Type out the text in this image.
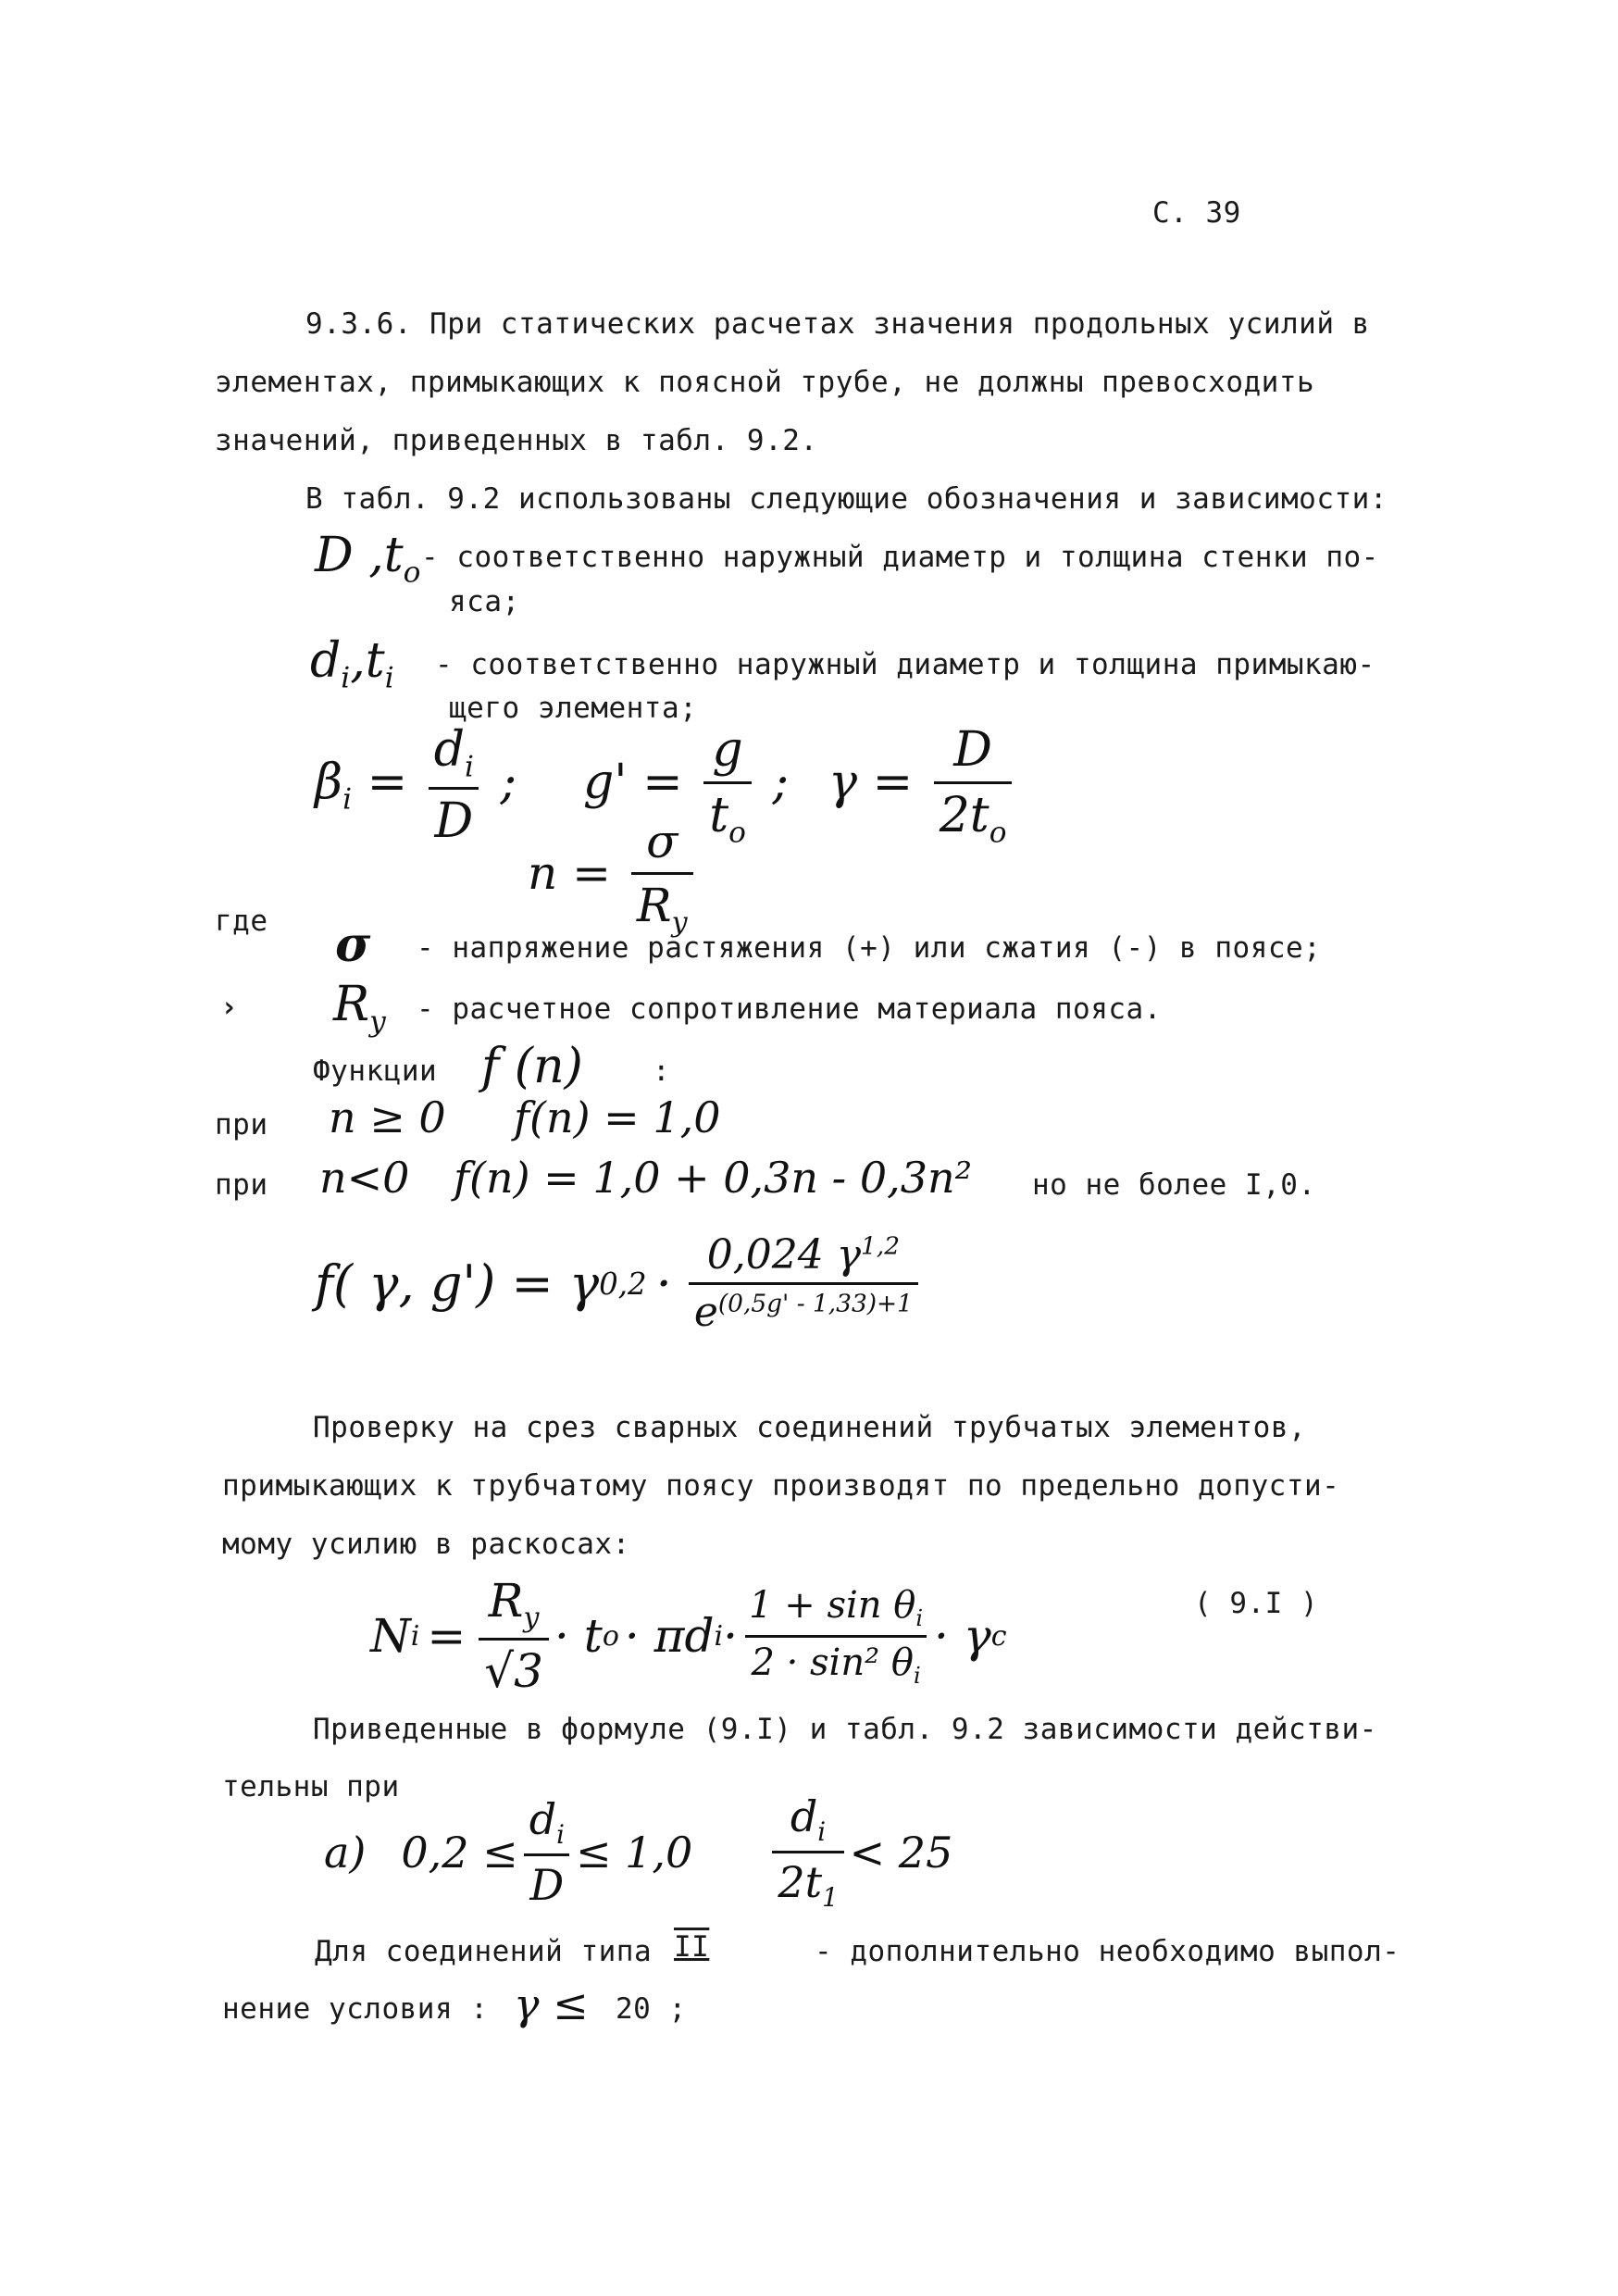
С. 39
9.3.6. При статических расчетах значения продольных усилий в
элементах, примыкающих к поясной трубе, не должны превосходить
значений, приведенных в табл. 9.2.
В табл. 9.2 использованы следующие обозначения и зависимости:
D $,t_o$ - соответственно наружный диаметр и толщина стенки по-
яса;
$d_i,t_i$ - соответственно наружный диаметр и толщина примыкаю-
щего элемента;
$\beta_i = \frac{d_i}{D}$ ; $g' = \frac{g}{t_o}$ ; $\gamma = \frac{D}{2t_o}$
$n = \frac{\sigma}{R_y}$
где σ - напряжение растяжения (+) или сжатия (-) в поясе;
› $R_y$ - расчетное сопротивление материала пояса.
Функции f (n) :
при n ≥ 0 f(n) = 1,0
при n<0 f(n) = 1,0 + 0,3n - 0,3n² но не более I,0.
f( γ, g') = γ $0,2 \cdot \frac{0,024 \gamma^{1,2}}{e^{(0,5g' - 1,33)+1}}$
Проверку на срез сварных соединений трубчатых элементов,
примыкающих к трубчатому поясу производят по предельно допусти-
мому усилию в раскосах:
N $i = \frac{R_y}{√3} \cdot t$ o · πd $i \cdot \frac{1 + \sin \theta_i}{2 \cdot \sin^2 \theta_i} \cdot \gamma$ c
( 9.I )
Приведенные в формуле (9.I) и табл. 9.2 зависимости действи-
тельны при
a) $0,2 \le \frac{d_i}{D} \le 1,0 \frac{d_i}{2t_1} < 25$
Для соединений типа II	- дополнительно необходимо выпол-
нение условия : γ ≤ 20 ;
